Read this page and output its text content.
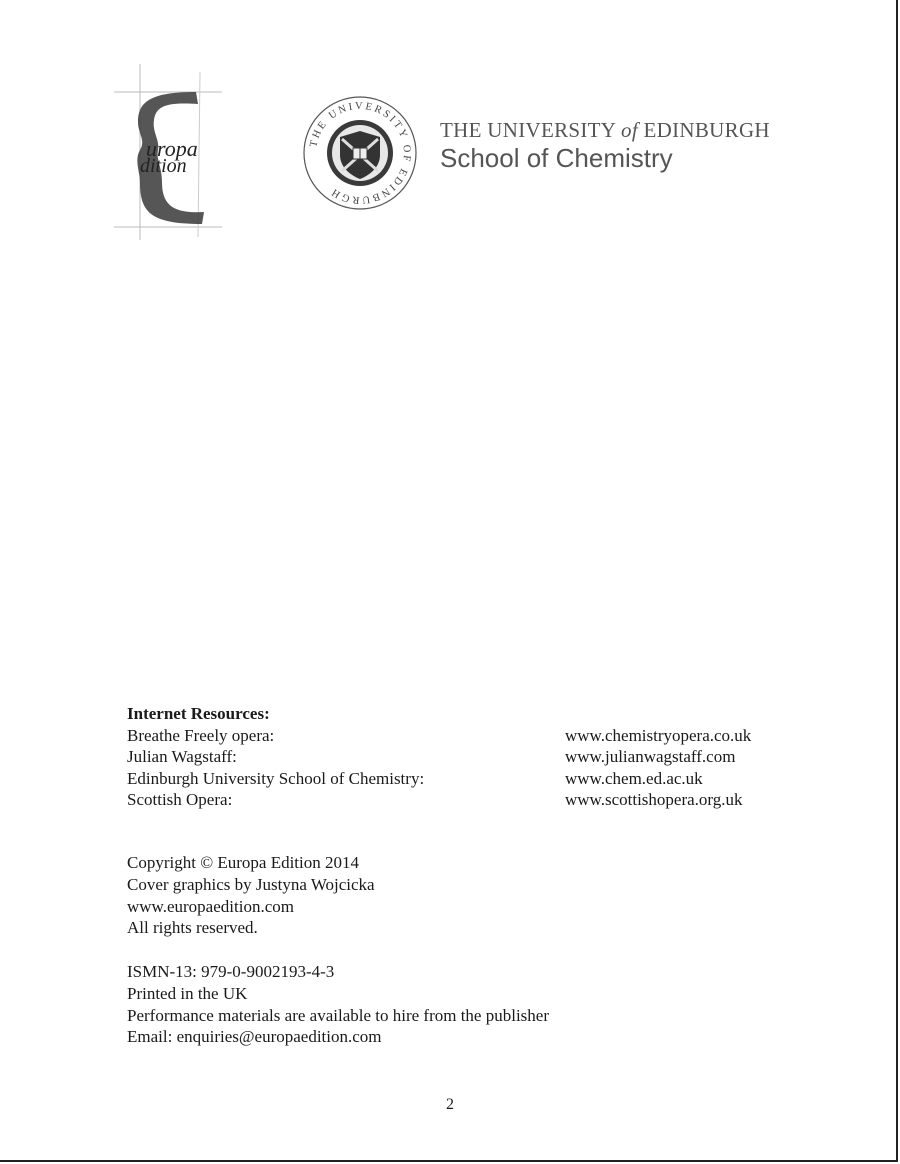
uropa
dition
THE UNIVERSITY OF EDINBURGH
THE UNIVERSITY of EDINBURGH
School of Chemistry
Internet Resources:
Breathe Freely opera:	www.chemistryopera.co.uk
Julian Wagstaff:	www.julianwagstaff.com
Edinburgh University School of Chemistry:	www.chem.ed.ac.uk
Scottish Opera:	www.scottishopera.org.uk
Copyright © Europa Edition 2014
Cover graphics by Justyna Wojcicka
www.europaedition.com
All rights reserved.
ISMN-13: 979-0-9002193-4-3
Printed in the UK
Performance materials are available to hire from the publisher
Email: enquiries@europaedition.com
2
